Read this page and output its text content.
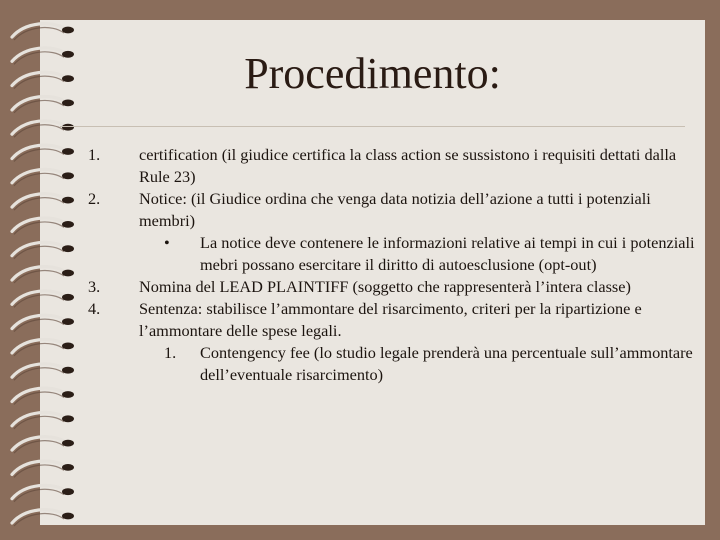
Procedimento:
1.	certification (il giudice certifica la class action se sussistono i requisiti dettati dalla Rule 23)
2.	Notice: (il Giudice ordina che venga data notizia dell’azione a tutti i potenziali membri)
• La notice deve contenere le informazioni relative ai tempi in cui i potenziali mebri possano esercitare il diritto di autoesclusione (opt-out)
3.	Nomina del LEAD PLAINTIFF (soggetto che rappresenterà l’intera classe)
4.	Sentenza: stabilisce l’ammontare del risarcimento, criteri per la ripartizione e l’ammontare delle spese legali.
1. Contengency fee (lo studio legale prenderà una percentuale sull’ammontare dell’eventuale risarcimento)
